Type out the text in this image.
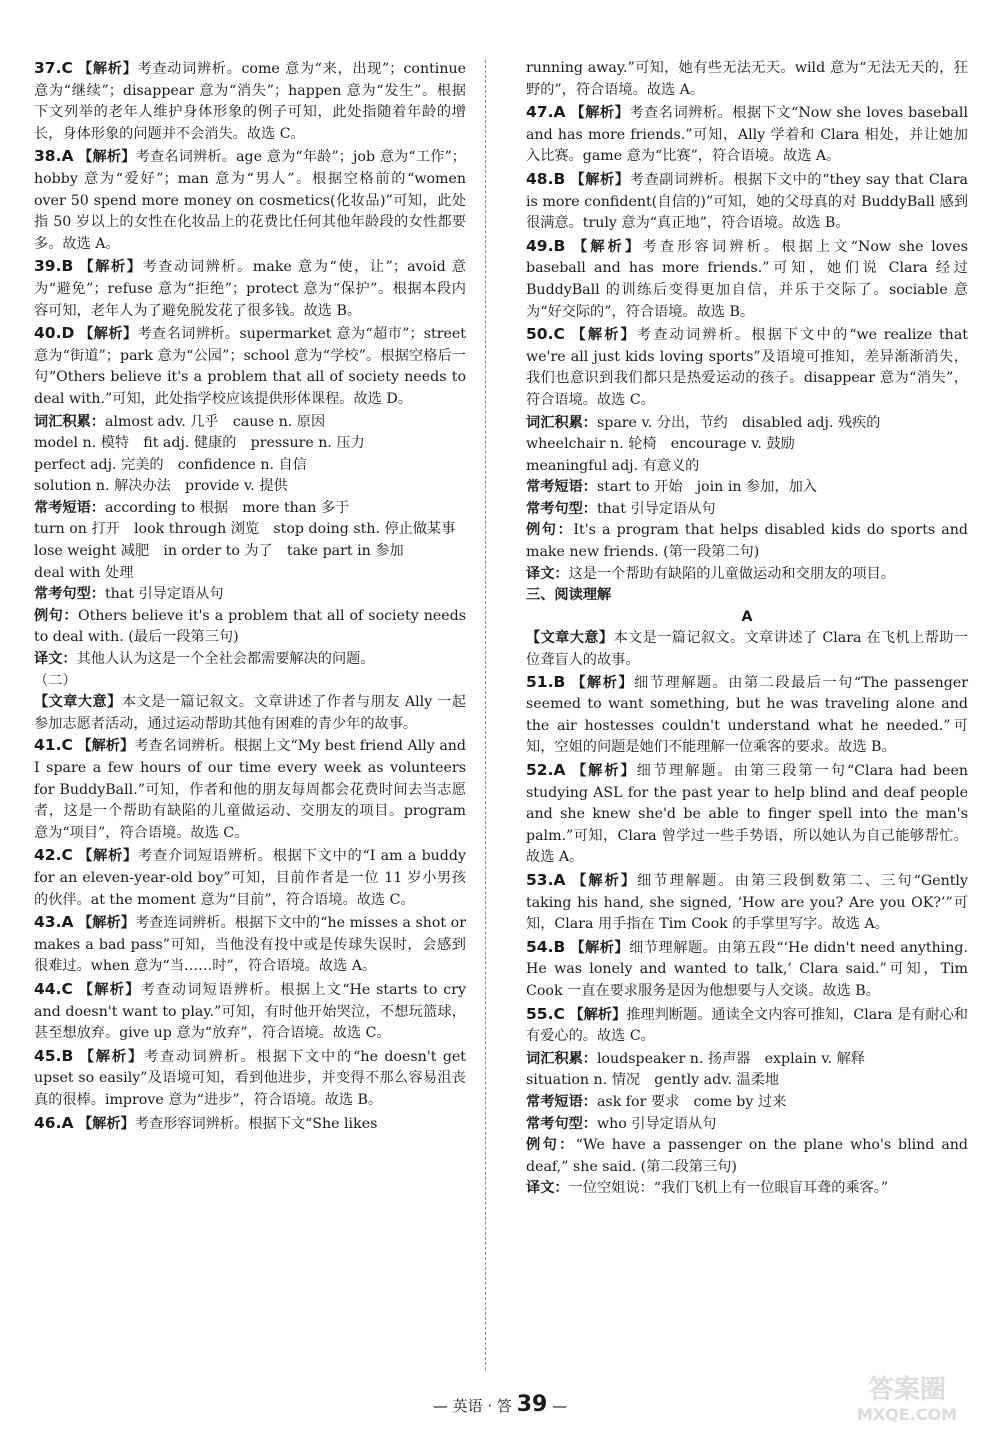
37.C 【解析】考查动词辨析。come 意为“来，出现”；continue 意为“继续”；disappear 意为“消失”；happen 意为“发生”。根据下文列举的老年人维护身体形象的例子可知，此处指随着年龄的增长，身体形象的问题并不会消失。故选 C。

38.A 【解析】考查名词辨析。age 意为“年龄”；job 意为“工作”；hobby 意为“爱好”；man 意为“男人”。根据空格前的“women over 50 spend more money on cosmetics(化妆品)”可知，此处指 50 岁以上的女性在化妆品上的花费比任何其他年龄段的女性都要多。故选 A。

39.B 【解析】考查动词辨析。make 意为“使，让”；avoid 意为“避免”；refuse 意为“拒绝”；protect 意为“保护”。根据本段内容可知，老年人为了避免脱发花了很多钱。故选 B。

40.D 【解析】考查名词辨析。supermarket 意为“超市”；street 意为“街道”；park 意为“公园”；school 意为“学校”。根据空格后一句“Others believe it's a problem that all of society needs to deal with.”可知，此处指学校应该提供形体课程。故选 D。

词汇积累：almost adv. 几乎　cause n. 原因

model n. 模特　fit adj. 健康的　pressure n. 压力

perfect adj. 完美的　confidence n. 自信

solution n. 解决办法　provide v. 提供

常考短语：according to 根据　more than 多于

turn on 打开　look through 浏览　stop doing sth. 停止做某事

lose weight 减肥　in order to 为了　take part in 参加

deal with 处理

常考句型：that 引导定语从句

例句：Others believe it's a problem that all of society needs to deal with. (最后一段第三句)

译文：其他人认为这是一个全社会都需要解决的问题。

（二）

【文章大意】本文是一篇记叙文。文章讲述了作者与朋友 Ally 一起参加志愿者活动，通过运动帮助其他有困难的青少年的故事。

41.C 【解析】考查名词辨析。根据上文“My best friend Ally and I spare a few hours of our time every week as volunteers for BuddyBall.”可知，作者和他的朋友每周都会花费时间去当志愿者，这是一个帮助有缺陷的儿童做运动、交朋友的项目。program 意为“项目”，符合语境。故选 C。

42.C 【解析】考查介词短语辨析。根据下文中的“I am a buddy for an eleven-year-old boy”可知，目前作者是一位 11 岁小男孩的伙伴。at the moment 意为“目前”，符合语境。故选 C。

43.A 【解析】考查连词辨析。根据下文中的“he misses a shot or makes a bad pass”可知，当他没有投中或是传球失误时，会感到很难过。when 意为“当……时”，符合语境。故选 A。

44.C 【解析】考查动词短语辨析。根据上文“He starts to cry and doesn't want to play.”可知，有时他开始哭泣，不想玩篮球，甚至想放弃。give up 意为“放弃”，符合语境。故选 C。

45.B 【解析】考查动词辨析。根据下文中的“he doesn't get upset so easily”及语境可知，看到他进步，并变得不那么容易沮丧真的很棒。improve 意为“进步”，符合语境。故选 B。

46.A 【解析】考查形容词辨析。根据下文“She likes

running away.”可知，她有些无法无天。wild 意为“无法无天的，狂野的”，符合语境。故选 A。

47.A 【解析】考查名词辨析。根据下文“Now she loves baseball and has more friends.”可知，Ally 学着和 Clara 相处，并让她加入比赛。game 意为“比赛”，符合语境。故选 A。

48.B 【解析】考查副词辨析。根据下文中的“they say that Clara is more confident(自信的)”可知，她的父母真的对 BuddyBall 感到很满意。truly 意为“真正地”，符合语境。故选 B。

49.B 【解析】考查形容词辨析。根据上文“Now she loves baseball and has more friends.”可知，她们说 Clara 经过 BuddyBall 的训练后变得更加自信，并乐于交际了。sociable 意为“好交际的”，符合语境。故选 B。

50.C 【解析】考查动词辨析。根据下文中的“we realize that we're all just kids loving sports”及语境可推知，差异渐渐消失，我们也意识到我们都只是热爱运动的孩子。disappear 意为“消失”，符合语境。故选 C。

词汇积累：spare v. 分出，节约　disabled adj. 残疾的

wheelchair n. 轮椅　encourage v. 鼓励

meaningful adj. 有意义的

常考短语：start to 开始　join in 参加，加入

常考句型：that 引导定语从句

例句：It's a program that helps disabled kids do sports and make new friends. (第一段第二句)

译文：这是一个帮助有缺陷的儿童做运动和交朋友的项目。

三、阅读理解

A

【文章大意】本文是一篇记叙文。文章讲述了 Clara 在飞机上帮助一位聋盲人的故事。

51.B 【解析】细节理解题。由第二段最后一句“The passenger seemed to want something, but he was traveling alone and the air hostesses couldn't understand what he needed.”可知，空姐的问题是她们不能理解一位乘客的要求。故选 B。

52.A 【解析】细节理解题。由第三段第一句“Clara had been studying ASL for the past year to help blind and deaf people and she knew she'd be able to finger spell into the man's palm.”可知，Clara 曾学过一些手势语，所以她认为自己能够帮忙。故选 A。

53.A 【解析】细节理解题。由第三段倒数第二、三句“Gently taking his hand, she signed, ‘How are you? Are you OK?’”可知，Clara 用手指在 Tim Cook 的手掌里写字。故选 A。

54.B 【解析】细节理解题。由第五段“‘He didn't need anything. He was lonely and wanted to talk,’ Clara said.”可知，Tim Cook 一直在要求服务是因为他想要与人交谈。故选 B。

55.C 【解析】推理判断题。通读全文内容可推知，Clara 是有耐心和有爱心的。故选 C。

词汇积累：loudspeaker n. 扬声器　explain v. 解释

situation n. 情况　gently adv. 温柔地

常考短语：ask for 要求　come by 过来

常考句型：who 引导定语从句

例句：“We have a passenger on the plane who's blind and deaf,” she said. (第二段第三句)

译文：一位空姐说：“我们飞机上有一位眼盲耳聋的乘客。”

— 英语 · 答 39 —
答案圈
MXQE.COM
